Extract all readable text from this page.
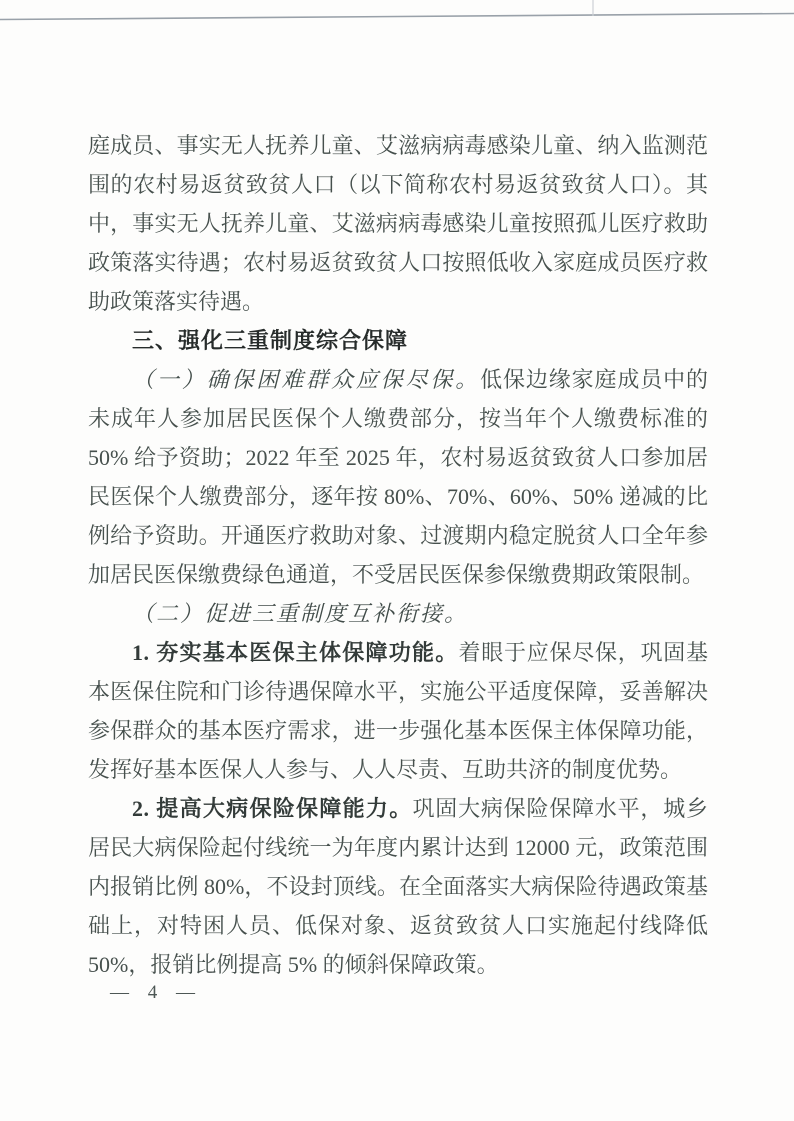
庭成员、事实无人抚养儿童、艾滋病病毒感染儿童、纳入监测范围的农村易返贫致贫人口（以下简称农村易返贫致贫人口）。其中，事实无人抚养儿童、艾滋病病毒感染儿童按照孤儿医疗救助政策落实待遇；农村易返贫致贫人口按照低收入家庭成员医疗救助政策落实待遇。

三、强化三重制度综合保障

（一）确保困难群众应保尽保。低保边缘家庭成员中的未成年人参加居民医保个人缴费部分，按当年个人缴费标准的 50% 给予资助；2022 年至 2025 年，农村易返贫致贫人口参加居民医保个人缴费部分，逐年按 80%、70%、60%、50% 递减的比例给予资助。开通医疗救助对象、过渡期内稳定脱贫人口全年参加居民医保缴费绿色通道，不受居民医保参保缴费期政策限制。

（二）促进三重制度互补衔接。

1. 夯实基本医保主体保障功能。着眼于应保尽保，巩固基本医保住院和门诊待遇保障水平，实施公平适度保障，妥善解决参保群众的基本医疗需求，进一步强化基本医保主体保障功能，发挥好基本医保人人参与、人人尽责、互助共济的制度优势。

2. 提高大病保险保障能力。巩固大病保险保障水平，城乡居民大病保险起付线统一为年度内累计达到 12000 元，政策范围内报销比例 80%，不设封顶线。在全面落实大病保险待遇政策基础上，对特困人员、低保对象、返贫致贫人口实施起付线降低 50%，报销比例提高 5% 的倾斜保障政策。

— 4 —
